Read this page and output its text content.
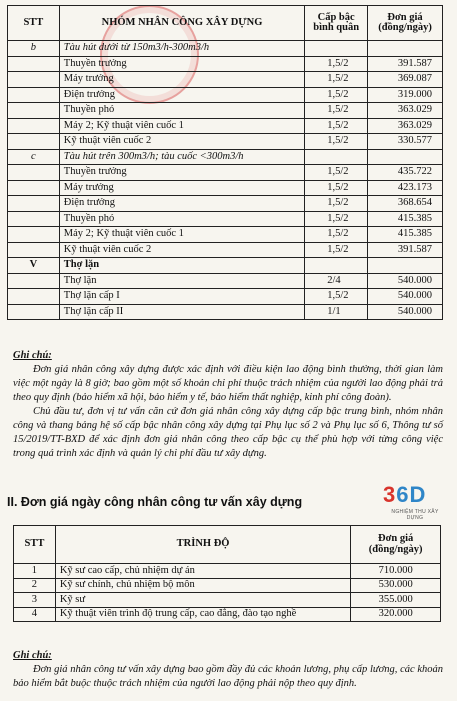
STT	NHÓM NHÂN CÔNG XÂY DỰNG	Cấp bậc bình quân	Đơn giá (đồng/ngày)
b	Tàu hút dưới từ 150m3/h-300m3/h		
	Thuyền trưởng	1,5/2	391.587
	Máy trưởng	1,5/2	369.087
	Điện trưởng	1,5/2	319.000
	Thuyền phó	1,5/2	363.029
	Máy 2; Kỹ thuật viên cuốc 1	1,5/2	363.029
	Kỹ thuật viên cuốc 2	1,5/2	330.577
c	Tàu hút trên 300m3/h; tàu cuốc <300m3/h		
	Thuyền trưởng	1,5/2	435.722
	Máy trưởng	1,5/2	423.173
	Điện trưởng	1,5/2	368.654
	Thuyền phó	1,5/2	415.385
	Máy 2; Kỹ thuật viên cuốc 1	1,5/2	415.385
	Kỹ thuật viên cuốc 2	1,5/2	391.587
V	Thợ lặn		
	Thợ lặn	2/4	540.000
	Thợ lặn cấp I	1,5/2	540.000
	Thợ lặn cấp II	1/1	540.000
Ghi chú:

Đơn giá nhân công xây dựng được xác định với điều kiện lao động bình thường, thời gian làm việc một ngày là 8 giờ; bao gồm một số khoản chi phí thuộc trách nhiệm của người lao động phải trả theo quy định (bảo hiểm xã hội, bảo hiểm y tế, bảo hiểm thất nghiệp, kinh phí công đoàn).

Chủ đầu tư, đơn vị tư vấn căn cứ đơn giá nhân công xây dựng cấp bậc trung bình, nhóm nhân công và thang bảng hệ số cấp bậc nhân công xây dựng tại Phụ lục số 2 và Phụ lục số 6, Thông tư số 15/2019/TT-BXD để xác định đơn giá nhân công theo cấp bậc cụ thể phù hợp với từng công việc trong quá trình xác định và quản lý chi phí đầu tư xây dựng.

II. Đơn giá ngày công nhân công tư vấn xây dựng	36D
NGHIỆM THU XÂY DỰNG
STT	TRÌNH ĐỘ	Đơn giá (đồng/ngày)
1	Kỹ sư cao cấp, chủ nhiệm dự án	710.000
2	Kỹ sư chính, chủ nhiệm bộ môn	530.000
3	Kỹ sư	355.000
4	Kỹ thuật viên trình độ trung cấp, cao đẳng, đào tạo nghề	320.000
Ghi chú:

Đơn giá nhân công tư vấn xây dựng bao gồm đầy đủ các khoản lương, phụ cấp lương, các khoản bảo hiểm bắt buộc thuộc trách nhiệm của người lao động phải nộp theo quy định.
